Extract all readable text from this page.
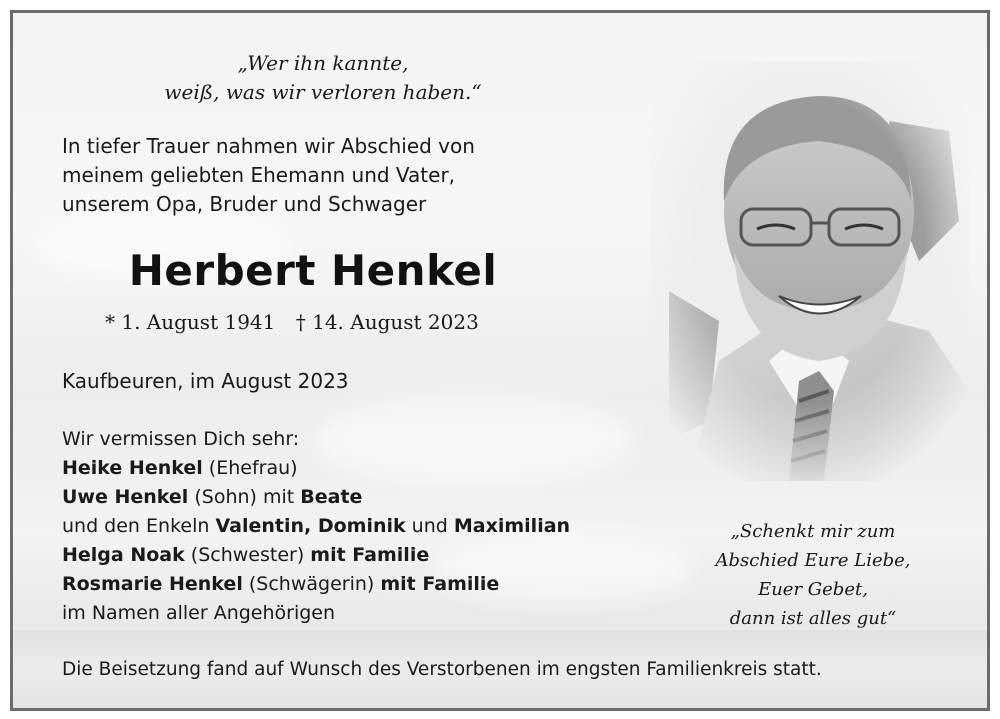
„Wer ihn kannte,
weiß, was wir verloren haben.“
In tiefer Trauer nahmen wir Abschied von
meinem geliebten Ehemann und Vater,
unserem Opa, Bruder und Schwager
Herbert Henkel
* 1. August 1941 † 14. August 2023
Kaufbeuren, im August 2023
Wir vermissen Dich sehr:
Heike Henkel (Ehefrau)
Uwe Henkel (Sohn) mit Beate
und den Enkeln Valentin, Dominik und Maximilian
Helga Noak (Schwester) mit Familie
Rosmarie Henkel (Schwägerin) mit Familie
im Namen aller Angehörigen
„Schenkt mir zum
Abschied Eure Liebe,
Euer Gebet,
dann ist alles gut“
Die Beisetzung fand auf Wunsch des Verstorbenen im engsten Familienkreis statt.
